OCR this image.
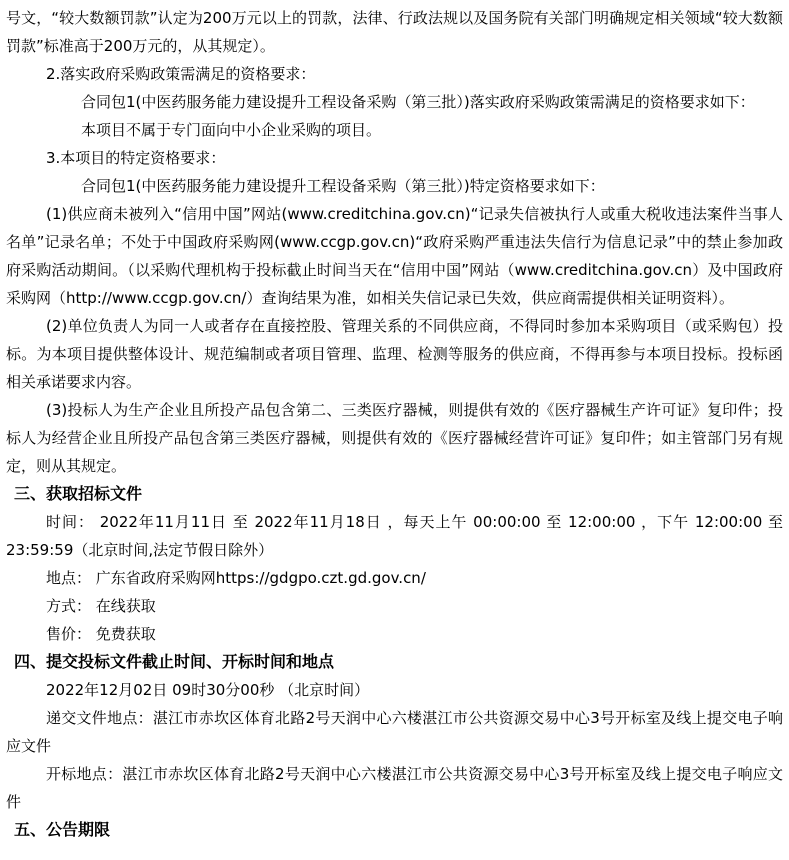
号文，“较大数额罚款”认定为200万元以上的罚款，法律、行政法规以及国务院有关部门明确规定相关领域“较大数额罚款”标准高于200万元的，从其规定）。

2.落实政府采购政策需满足的资格要求：

合同包1(中医药服务能力建设提升工程设备采购（第三批）)落实政府采购政策需满足的资格要求如下：

本项目不属于专门面向中小企业采购的项目。

3.本项目的特定资格要求：

合同包1(中医药服务能力建设提升工程设备采购（第三批）)特定资格要求如下：

(1)供应商未被列入“信用中国”网站(www.creditchina.gov.cn)“记录失信被执行人或重大税收违法案件当事人名单”记录名单；不处于中国政府采购网(www.ccgp.gov.cn)“政府采购严重违法失信行为信息记录”中的禁止参加政府采购活动期间。（以采购代理机构于投标截止时间当天在“信用中国”网站（www.creditchina.gov.cn）及中国政府采购网（http://www.ccgp.gov.cn/）查询结果为准，如相关失信记录已失效，供应商需提供相关证明资料）。

(2)单位负责人为同一人或者存在直接控股、管理关系的不同供应商，不得同时参加本采购项目（或采购包）投标。为本项目提供整体设计、规范编制或者项目管理、监理、检测等服务的供应商，不得再参与本项目投标。投标函相关承诺要求内容。

(3)投标人为生产企业且所投产品包含第二、三类医疗器械，则提供有效的《医疗器械生产许可证》复印件；投标人为经营企业且所投产品包含第三类医疗器械，则提供有效的《医疗器械经营许可证》复印件；如主管部门另有规定，则从其规定。

三、获取招标文件

时间： 2022年11月11日 至 2022年11月18日 ，每天上午 00:00:00 至 12:00:00 ，下午 12:00:00 至 23:59:59（北京时间,法定节假日除外）

地点： 广东省政府采购网https://gdgpo.czt.gd.gov.cn/

方式： 在线获取

售价： 免费获取

四、提交投标文件截止时间、开标时间和地点

2022年12月02日 09时30分00秒 （北京时间）

递交文件地点：湛江市赤坎区体育北路2号天润中心六楼湛江市公共资源交易中心3号开标室及线上提交电子响应文件

开标地点：湛江市赤坎区体育北路2号天润中心六楼湛江市公共资源交易中心3号开标室及线上提交电子响应文件

五、公告期限
